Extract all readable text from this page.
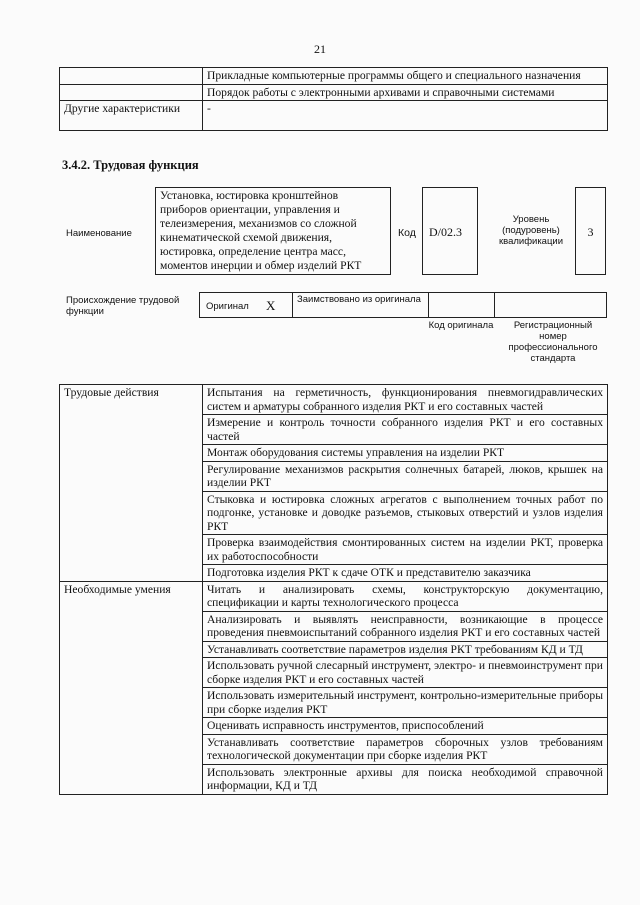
21
	Прикладные компьютерные программы общего и специального назначения
	Порядок работы с электронными архивами и справочными системами
Другие характеристики	-
3.4.2. Трудовая функция
Наименование
Установка, юстировка кронштейнов приборов ориентации, управления и телеизмерения, механизмов со сложной кинематической схемой движения, юстировка, определение центра масс, моментов инерции и обмер изделий РКТ
Код	D/02.3
Уровень (подуровень) квалификации
3
Происхождение трудовой функции	Оригинал X Заимствовано из оригинала
Код оригинала	Регистрационный номер профессионального стандарта
Трудовые действия	Испытания на герметичность, функционирования пневмогидравлических систем и арматуры собранного изделия РКТ и его составных частей
	Измерение и контроль точности собранного изделия РКТ и его составных частей
	Монтаж оборудования системы управления на изделии РКТ
	Регулирование механизмов раскрытия солнечных батарей, люков, крышек на изделии РКТ
	Стыковка и юстировка сложных агрегатов с выполнением точных работ по подгонке, установке и доводке разъемов, стыковых отверстий и узлов изделия РКТ
	Проверка взаимодействия смонтированных систем на изделии РКТ, проверка их работоспособности
	Подготовка изделия РКТ к сдаче ОТК и представителю заказчика
Необходимые умения	Читать и анализировать схемы, конструкторскую документацию, спецификации и карты технологического процесса
	Анализировать и выявлять неисправности, возникающие в процессе проведения пневмоиспытаний собранного изделия РКТ и его составных частей
	Устанавливать соответствие параметров изделия РКТ требованиям КД и ТД
	Использовать ручной слесарный инструмент, электро- и пневмоинструмент при сборке изделия РКТ и его составных частей
	Использовать измерительный инструмент, контрольно-измерительные приборы при сборке изделия РКТ
	Оценивать исправность инструментов, приспособлений
	Устанавливать соответствие параметров сборочных узлов требованиям технологической документации при сборке изделия РКТ
	Использовать электронные архивы для поиска необходимой справочной информации, КД и ТД
